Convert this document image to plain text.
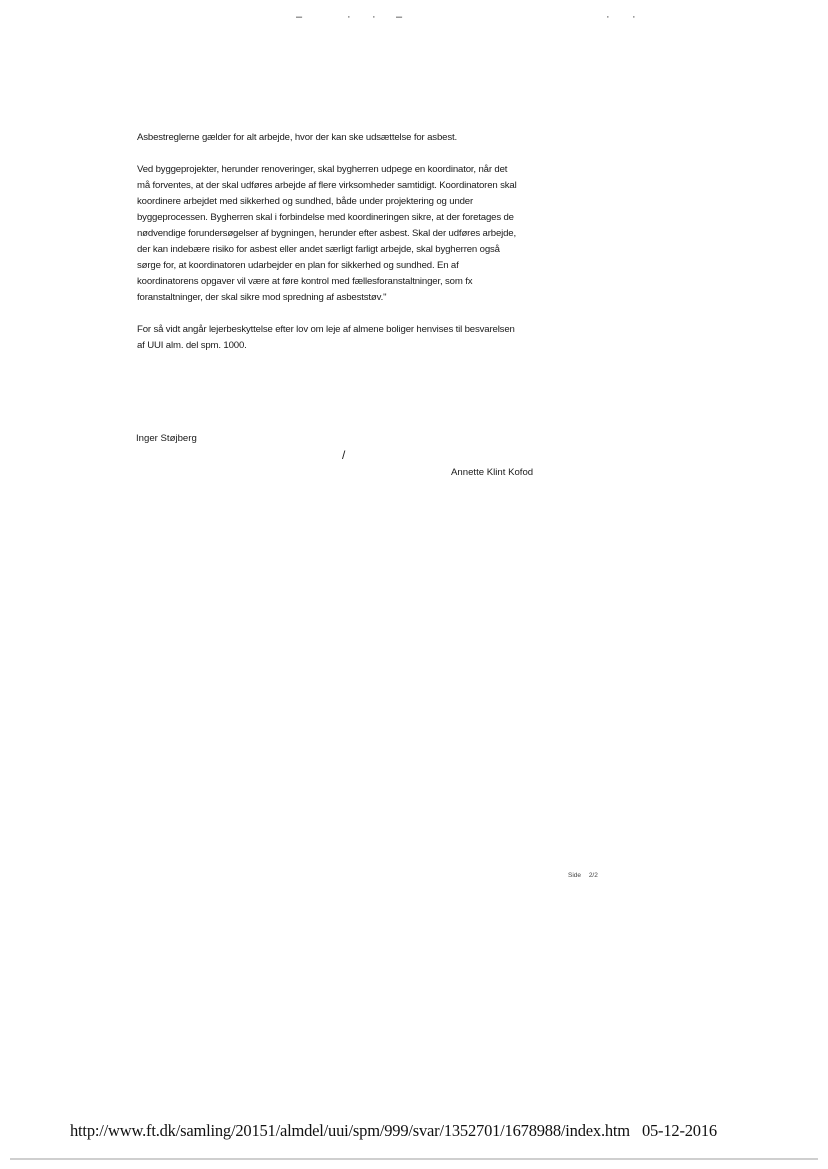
–	· · –	· ·

Asbestreglerne gælder for alt arbejde, hvor der kan ske udsættelse for asbest.

Ved byggeprojekter, herunder renoveringer, skal bygherren udpege en koordinator, når det må forventes, at der skal udføres arbejde af flere virksomheder samtidigt. Koordinatoren skal koordinere arbejdet med sikkerhed og sundhed, både under projektering og under byggeprocessen. Bygherren skal i forbindelse med koordineringen sikre, at der foretages de nødvendige forundersøgelser af bygningen, herunder efter asbest. Skal der udføres arbejde, der kan indebære risiko for asbest eller andet særligt farligt arbejde, skal bygherren også sørge for, at koordinatoren udarbejder en plan for sikkerhed og sundhed. En af koordinatorens opgaver vil være at føre kontrol med fællesforanstaltninger, som fx foranstaltninger, der skal sikre mod spredning af asbeststøv."

For så vidt angår lejerbeskyttelse efter lov om leje af almene boliger henvises til besvarelsen af UUI alm. del spm. 1000.

Inger Støjberg
/
Annette Klint Kofod
Side 2/2
http://www.ft.dk/samling/20151/almdel/uui/spm/999/svar/1352701/1678988/index.htm 05-12-2016
